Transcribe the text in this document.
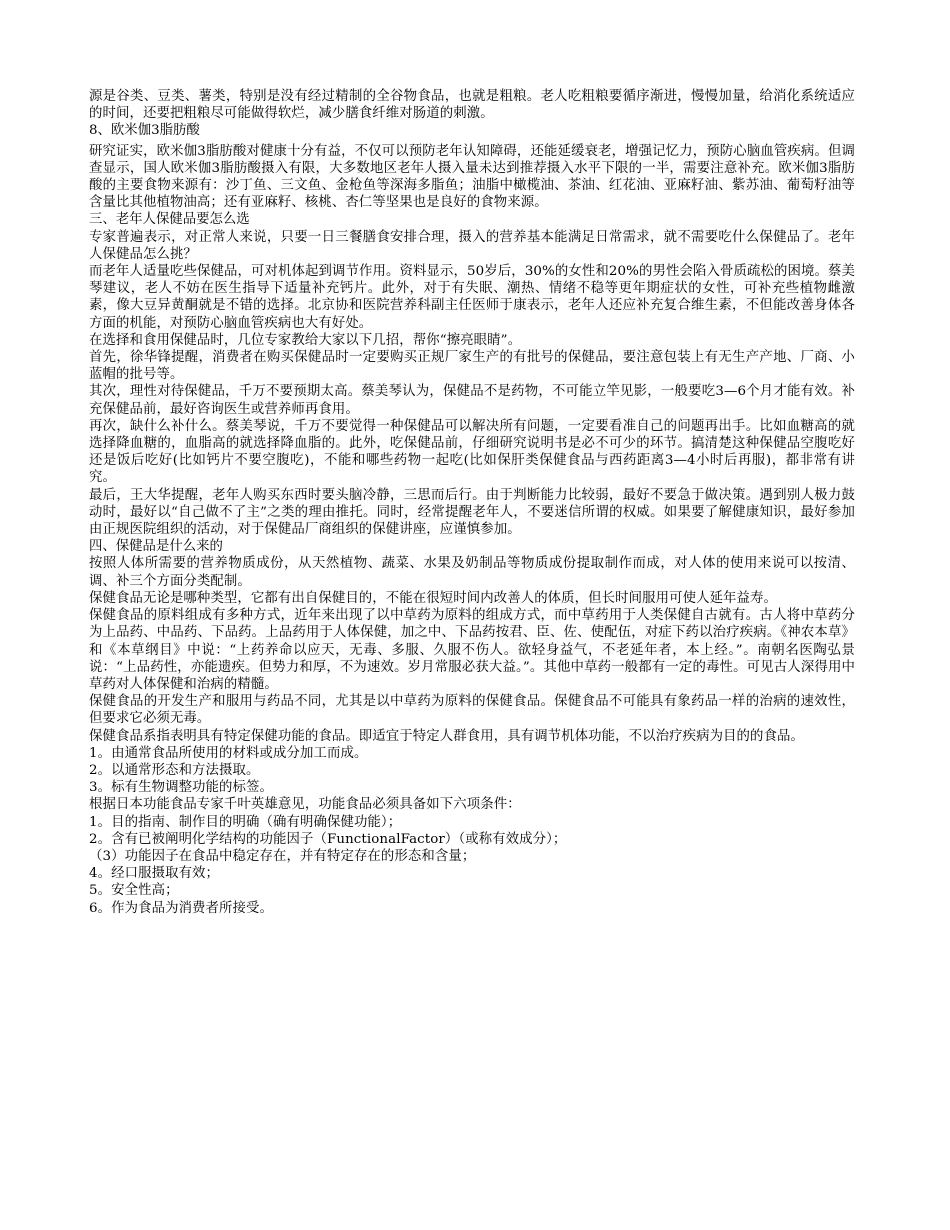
源是谷类、豆类、薯类，特别是没有经过精制的全谷物食品，也就是粗粮。老人吃粗粮要循序渐进，慢慢加量，给消化系统适应的时间，还要把粗粮尽可能做得软烂，减少膳食纤维对肠道的刺激。

8、欧米伽3脂肪酸

研究证实，欧米伽3脂肪酸对健康十分有益，不仅可以预防老年认知障碍，还能延缓衰老，增强记忆力，预防心脑血管疾病。但调查显示，国人欧米伽3脂肪酸摄入有限，大多数地区老年人摄入量未达到推荐摄入水平下限的一半，需要注意补充。欧米伽3脂肪酸的主要食物来源有：沙丁鱼、三文鱼、金枪鱼等深海多脂鱼；油脂中橄榄油、茶油、红花油、亚麻籽油、紫苏油、葡萄籽油等含量比其他植物油高；还有亚麻籽、核桃、杏仁等坚果也是良好的食物来源。

三、老年人保健品要怎么选

专家普遍表示，对正常人来说，只要一日三餐膳食安排合理，摄入的营养基本能满足日常需求，就不需要吃什么保健品了。老年人保健品怎么挑？

而老年人适量吃些保健品，可对机体起到调节作用。资料显示，50岁后，30%的女性和20%的男性会陷入骨质疏松的困境。蔡美琴建议，老人不妨在医生指导下适量补充钙片。此外，对于有失眠、潮热、情绪不稳等更年期症状的女性，可补充些植物雌激素，像大豆异黄酮就是不错的选择。北京协和医院营养科副主任医师于康表示，老年人还应补充复合维生素，不但能改善身体各方面的机能，对预防心脑血管疾病也大有好处。

在选择和食用保健品时，几位专家教给大家以下几招，帮你“擦亮眼睛”。

首先，徐华锋提醒，消费者在购买保健品时一定要购买正规厂家生产的有批号的保健品，要注意包装上有无生产产地、厂商、小蓝帽的批号等。

其次，理性对待保健品，千万不要预期太高。蔡美琴认为，保健品不是药物，不可能立竿见影，一般要吃3—6个月才能有效。补充保健品前，最好咨询医生或营养师再食用。

再次，缺什么补什么。蔡美琴说，千万不要觉得一种保健品可以解决所有问题，一定要看准自己的问题再出手。比如血糖高的就选择降血糖的，血脂高的就选择降血脂的。此外，吃保健品前，仔细研究说明书是必不可少的环节。搞清楚这种保健品空腹吃好还是饭后吃好(比如钙片不要空腹吃)，不能和哪些药物一起吃(比如保肝类保健食品与西药距离3—4小时后再服)，都非常有讲究。

最后，王大华提醒，老年人购买东西时要头脑冷静，三思而后行。由于判断能力比较弱，最好不要急于做决策。遇到别人极力鼓动时，最好以“自己做不了主”之类的理由推托。同时，经常提醒老年人，不要迷信所谓的权威。如果要了解健康知识，最好参加由正规医院组织的活动，对于保健品厂商组织的保健讲座，应谨慎参加。

四、保健品是什么来的

按照人体所需要的营养物质成份，从天然植物、蔬菜、水果及奶制品等物质成份提取制作而成，对人体的使用来说可以按清、调、补三个方面分类配制。

保健食品无论是哪种类型，它都有出自保健目的，不能在很短时间内改善人的体质，但长时间服用可使人延年益寿。

保健食品的原料组成有多种方式，近年来出现了以中草药为原料的组成方式，而中草药用于人类保健自古就有。古人将中草药分为上品药、中品药、下品药。上品药用于人体保健，加之中、下品药按君、臣、佐、使配伍，对症下药以治疗疾病。《神农本草》和《本草纲目》中说：“上药养命以应天，无毒、多服、久服不伤人。欲轻身益气，不老延年者，本上经。”。南朝名医陶弘景说：“上品药性，亦能遗疾。但势力和厚，不为速效。岁月常服必获大益。”。其他中草药一般都有一定的毒性。可见古人深得用中草药对人体保健和治病的精髓。

保健食品的开发生产和服用与药品不同，尤其是以中草药为原料的保健食品。保健食品不可能具有象药品一样的治病的速效性，但要求它必须无毒。

保健食品系指表明具有特定保健功能的食品。即适宜于特定人群食用，具有调节机体功能，不以治疗疾病为目的的食品。

1。由通常食品所使用的材料或成分加工而成。

2。以通常形态和方法摄取。

3。标有生物调整功能的标签。

根据日本功能食品专家千叶英雄意见，功能食品必须具备如下六项条件：

1。目的指南、制作目的明确（确有明确保健功能）；

2。含有已被阐明化学结构的功能因子（FunctionalFactor）（或称有效成分）；

（3）功能因子在食品中稳定存在，并有特定存在的形态和含量；

4。经口服摄取有效；

5。安全性高；

6。作为食品为消费者所接受。
